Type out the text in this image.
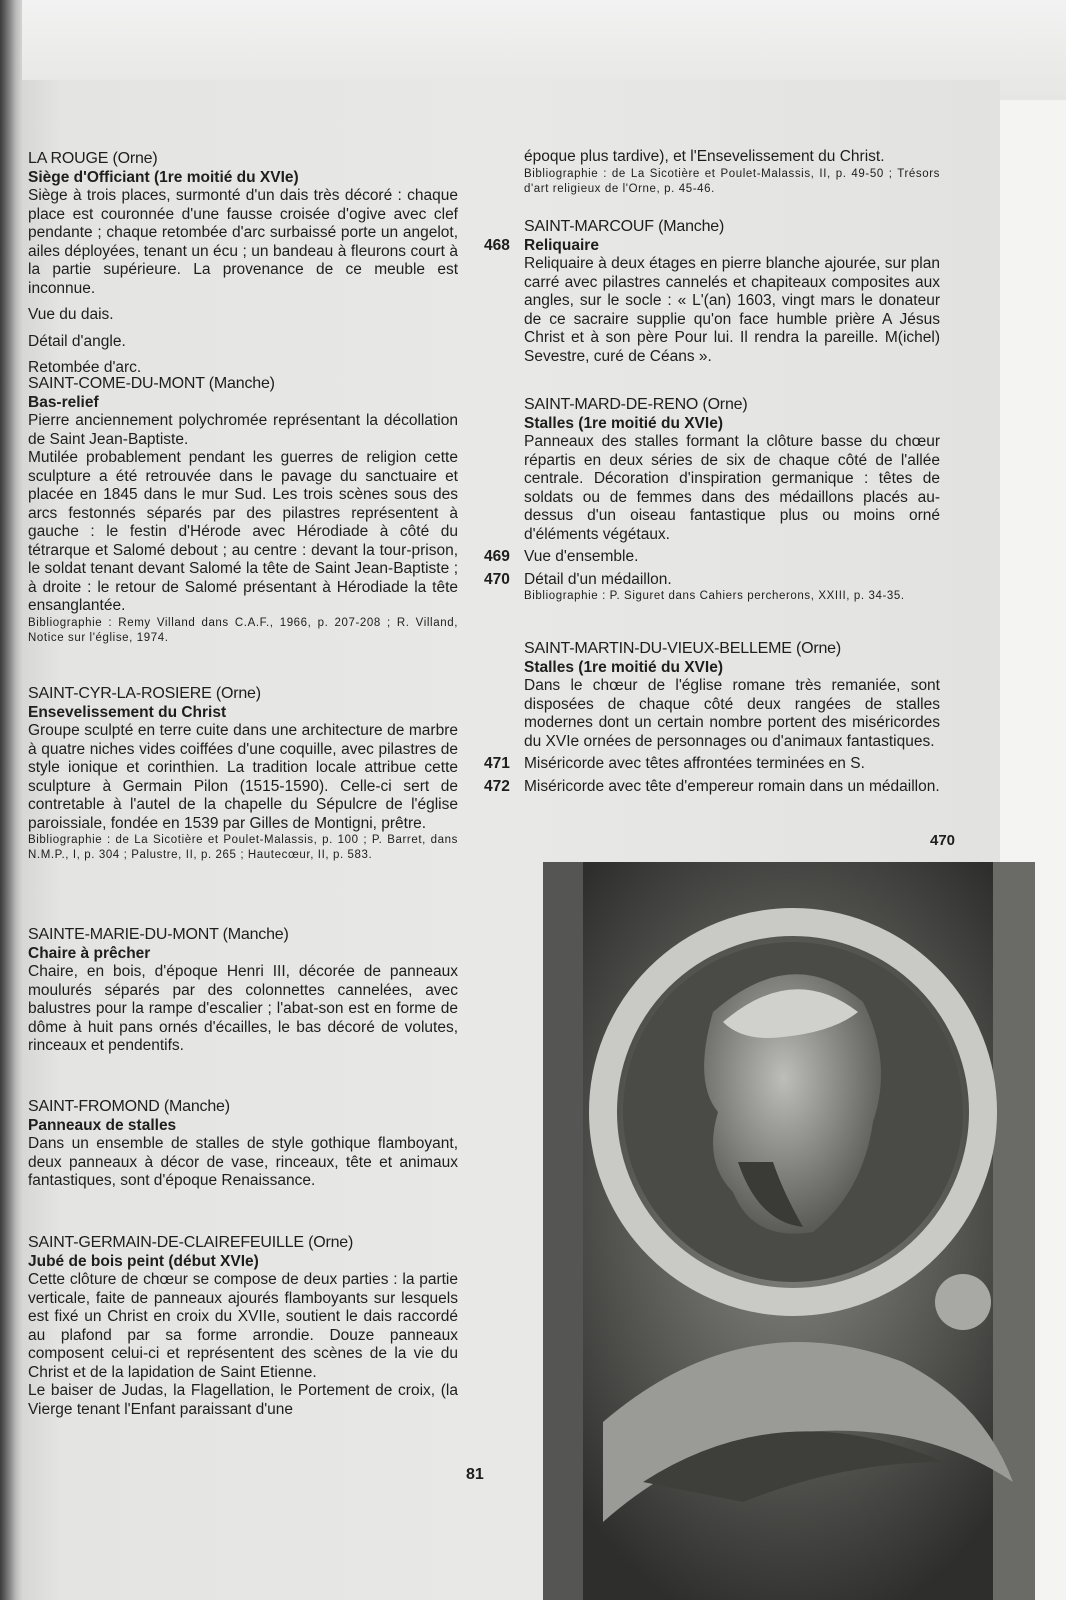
LA ROUGE (Orne)
Siège d'Officiant (1re moitié du XVIe)
Siège à trois places, surmonté d'un dais très décoré : chaque place est couronnée d'une fausse croisée d'ogive avec clef pendante ; chaque retombée d'arc surbaissé porte un angelot, ailes déployées, tenant un écu ; un bandeau à fleurons court à la partie supérieure. La provenance de ce meuble est inconnue.
Vue du dais.
Détail d'angle.
Retombée d'arc.
SAINT-COME-DU-MONT (Manche)
Bas-relief
Pierre anciennement polychromée représentant la décollation de Saint Jean-Baptiste.
Mutilée probablement pendant les guerres de religion cette sculpture a été retrouvée dans le pavage du sanctuaire et placée en 1845 dans le mur Sud. Les trois scènes sous des arcs festonnés séparés par des pilastres représentent à gauche : le festin d'Hérode avec Hérodiade à côté du tétrarque et Salomé debout ; au centre : devant la tour-prison, le soldat tenant devant Salomé la tête de Saint Jean-Baptiste ; à droite : le retour de Salomé présentant à Hérodiade la tête ensanglantée.
Bibliographie : Remy Villand dans C.A.F., 1966, p. 207-208 ; R. Villand, Notice sur l'église, 1974.
SAINT-CYR-LA-ROSIERE (Orne)
Ensevelissement du Christ
Groupe sculpté en terre cuite dans une architecture de marbre à quatre niches vides coiffées d'une coquille, avec pilastres de style ionique et corinthien. La tradition locale attribue cette sculpture à Germain Pilon (1515-1590). Celle-ci sert de contretable à l'autel de la chapelle du Sépulcre de l'église paroissiale, fondée en 1539 par Gilles de Montigni, prêtre.
Bibliographie : de La Sicotière et Poulet-Malassis, p. 100 ; P. Barret, dans N.M.P., I, p. 304 ; Palustre, II, p. 265 ; Hautecœur, II, p. 583.
SAINTE-MARIE-DU-MONT (Manche)
Chaire à prêcher
Chaire, en bois, d'époque Henri III, décorée de panneaux moulurés séparés par des colonnettes cannelées, avec balustres pour la rampe d'escalier ; l'abat-son est en forme de dôme à huit pans ornés d'écailles, le bas décoré de volutes, rinceaux et pendentifs.
SAINT-FROMOND (Manche)
Panneaux de stalles
Dans un ensemble de stalles de style gothique flamboyant, deux panneaux à décor de vase, rinceaux, tête et animaux fantastiques, sont d'époque Renaissance.
SAINT-GERMAIN-DE-CLAIREFEUILLE (Orne)
Jubé de bois peint (début XVIe)
Cette clôture de chœur se compose de deux parties : la partie verticale, faite de panneaux ajourés flamboyants sur lesquels est fixé un Christ en croix du XVIIe, soutient le dais raccordé au plafond par sa forme arrondie. Douze panneaux composent celui-ci et représentent des scènes de la vie du Christ et de la lapidation de Saint Etienne.
Le baiser de Judas, la Flagellation, le Portement de croix, (la Vierge tenant l'Enfant paraissant d'une
époque plus tardive), et l'Ensevelissement du Christ.
Bibliographie : de La Sicotière et Poulet-Malassis, II, p. 49-50 ; Trésors d'art religieux de l'Orne, p. 45-46.
SAINT-MARCOUF (Manche)
468 Reliquaire
Reliquaire à deux étages en pierre blanche ajourée, sur plan carré avec pilastres cannelés et chapiteaux composites aux angles, sur le socle : « L'(an) 1603, vingt mars le donateur de ce sacraire supplie qu'on face humble prière A Jésus Christ et à son père Pour lui. Il rendra la pareille. M(ichel) Sevestre, curé de Céans ».
SAINT-MARD-DE-RENO (Orne)
Stalles (1re moitié du XVIe)
Panneaux des stalles formant la clôture basse du chœur répartis en deux séries de six de chaque côté de l'allée centrale. Décoration d'inspiration germanique : têtes de soldats ou de femmes dans des médaillons placés au-dessus d'un oiseau fantastique plus ou moins orné d'éléments végétaux.
469 Vue d'ensemble.
470 Détail d'un médaillon.
Bibliographie : P. Siguret dans Cahiers percherons, XXIII, p. 34-35.
SAINT-MARTIN-DU-VIEUX-BELLEME (Orne)
Stalles (1re moitié du XVIe)
Dans le chœur de l'église romane très remaniée, sont disposées de chaque côté deux rangées de stalles modernes dont un certain nombre portent des miséricordes du XVIe ornées de personnages ou d'animaux fantastiques.
471 Miséricorde avec têtes affrontées terminées en S.
472 Miséricorde avec tête d'empereur romain dans un médaillon.
470
81
